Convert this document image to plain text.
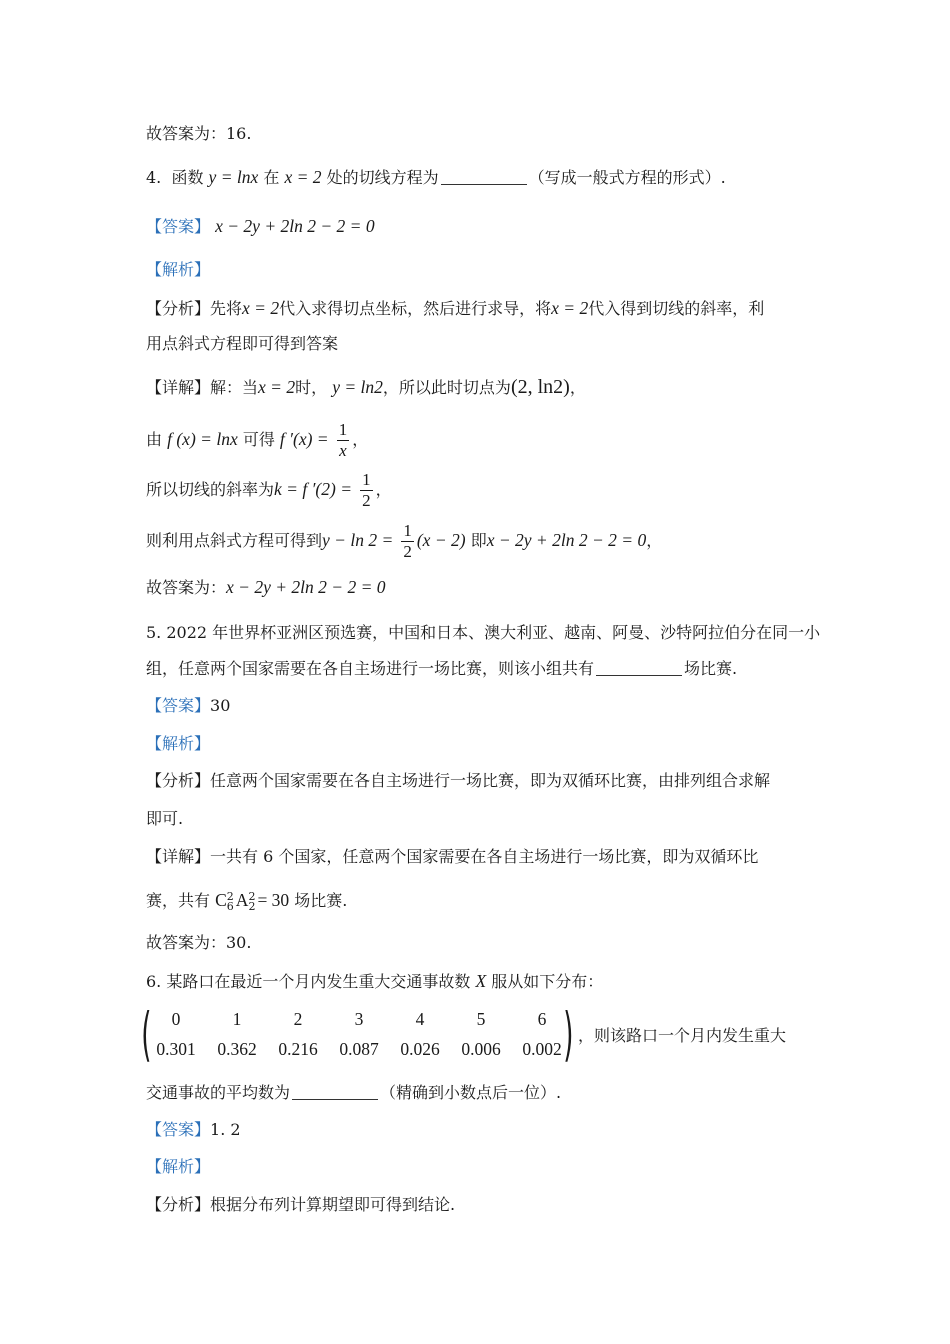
故答案为：16.
4. 函数 y = lnx 在 x = 2 处的切线方程为	（写成一般式方程的形式）.
【答案】 x − 2y + 2ln 2 − 2 = 0
【解析】
【分析】先将x = 2代入求得切点坐标，然后进行求导，将x = 2代入得到切线的斜率，利
用点斜式方程即可得到答案
【详解】解：当x = 2时， y = ln2，所以此时切点为(2, ln2)，
由 f (x) = lnx 可得 f $'(x) = \frac{1}{x}$ ，
所以切线的斜率为k = f $'(2) = \frac{1}{2}$ ，
则利用点斜式方程可得到$y - \ln 2 = \frac{1}{2} (x - 2)$ 即x − 2y + 2ln 2 − 2 = 0，
故答案为：x − 2y + 2ln 2 − 2 = 0
5. 2022 年世界杯亚洲区预选赛，中国和日本、澳大利亚、越南、阿曼、沙特阿拉伯分在同一小
组，任意两个国家需要在各自主场进行一场比赛，则该小组共有	场比赛.
【答案】30
【解析】
【分析】任意两个国家需要在各自主场进行一场比赛，即为双循环比赛，由排列组合求解
即可.
【详解】一共有 6 个国家，任意两个国家需要在各自主场进行一场比赛，即为双循环比
赛，共有 C 2
6 A 2
2 = 30 场比赛.
故答案为：30.
6. 某路口在最近一个月内发生重大交通事故数 X 服从如下分布：
(	)
0	1	2	3	4	5	6
0.301	0.362	0.216	0.087	0.026	0.006	0.002
，则该路口一个月内发生重大
交通事故的平均数为	（精确到小数点后一位）.
【答案】1. 2
【解析】
【分析】根据分布列计算期望即可得到结论.
